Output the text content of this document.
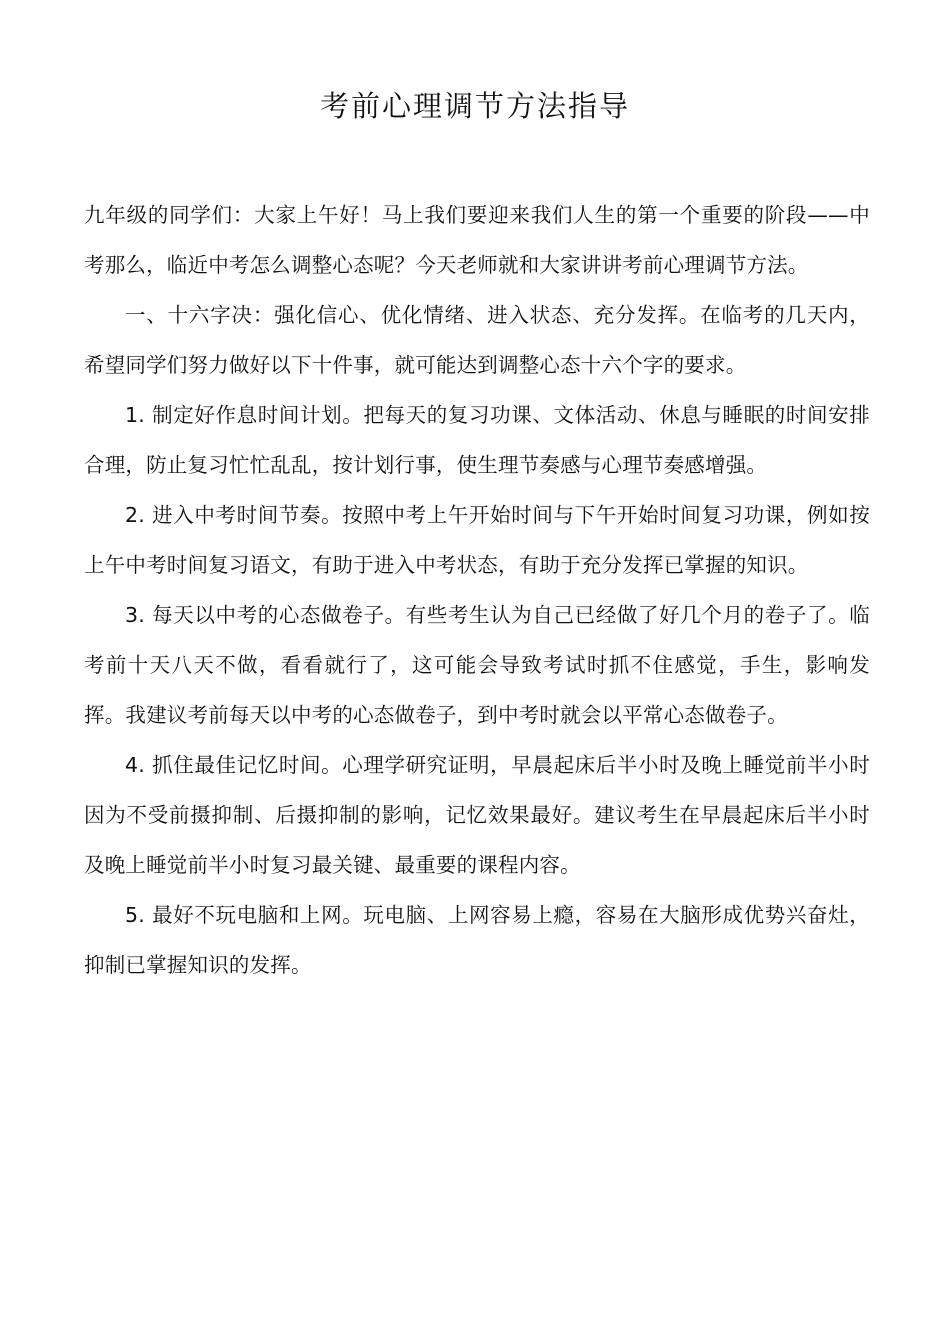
考前心理调节方法指导

九年级的同学们：大家上午好！马上我们要迎来我们人生的第一个重要的阶段——中考那么，临近中考怎么调整心态呢？今天老师就和大家讲讲考前心理调节方法。

一、十六字决：强化信心、优化情绪、进入状态、充分发挥。在临考的几天内，希望同学们努力做好以下十件事，就可能达到调整心态十六个字的要求。

1. 制定好作息时间计划。把每天的复习功课、文体活动、休息与睡眠的时间安排合理，防止复习忙忙乱乱，按计划行事，使生理节奏感与心理节奏感增强。

2. 进入中考时间节奏。按照中考上午开始时间与下午开始时间复习功课，例如按上午中考时间复习语文，有助于进入中考状态，有助于充分发挥已掌握的知识。

3. 每天以中考的心态做卷子。有些考生认为自己已经做了好几个月的卷子了。临考前十天八天不做，看看就行了，这可能会导致考试时抓不住感觉，手生，影响发挥。我建议考前每天以中考的心态做卷子，到中考时就会以平常心态做卷子。

4. 抓住最佳记忆时间。心理学研究证明，早晨起床后半小时及晚上睡觉前半小时因为不受前摄抑制、后摄抑制的影响，记忆效果最好。建议考生在早晨起床后半小时及晚上睡觉前半小时复习最关键、最重要的课程内容。

5. 最好不玩电脑和上网。玩电脑、上网容易上瘾，容易在大脑形成优势兴奋灶，抑制已掌握知识的发挥。
